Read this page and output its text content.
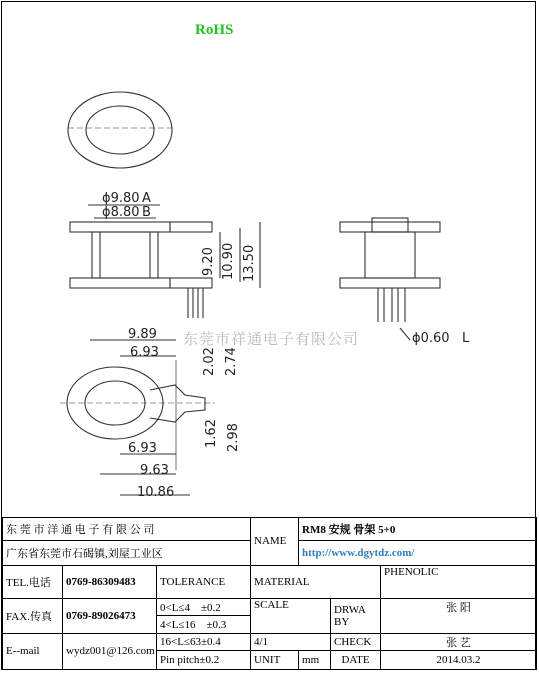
RoHS
ϕ9.80 A
ϕ8.80 B
9.20 10.90 13.50
ϕ0.60 L
9.89
6.93
6.93
9.63
10.86
2.02 2.74
1.62 2.98
东莞市祥通电子有限公司
东 莞 市 洋 通 电 子 有 限 公 司			NAME	RM8 安规 骨架 5+0		
广东省东莞市石碣镇,刘屋工业区				http://www.dgytdz.com/		
TEL.电话	0769-86309483	TOLERANCE	MATERIAL			PHENOLIC
FAX.传真	0769-89026473	0<L≤4　±0.2	SCALE		DRWA BY	张 阳
		4<L≤16　±0.3				
E--mail	wydz001@126.com	16<L≤63±0.4	4/1		CHECK	张 艺
		Pin pitch±0.2	UNIT	mm	DATE	2014.03.2
